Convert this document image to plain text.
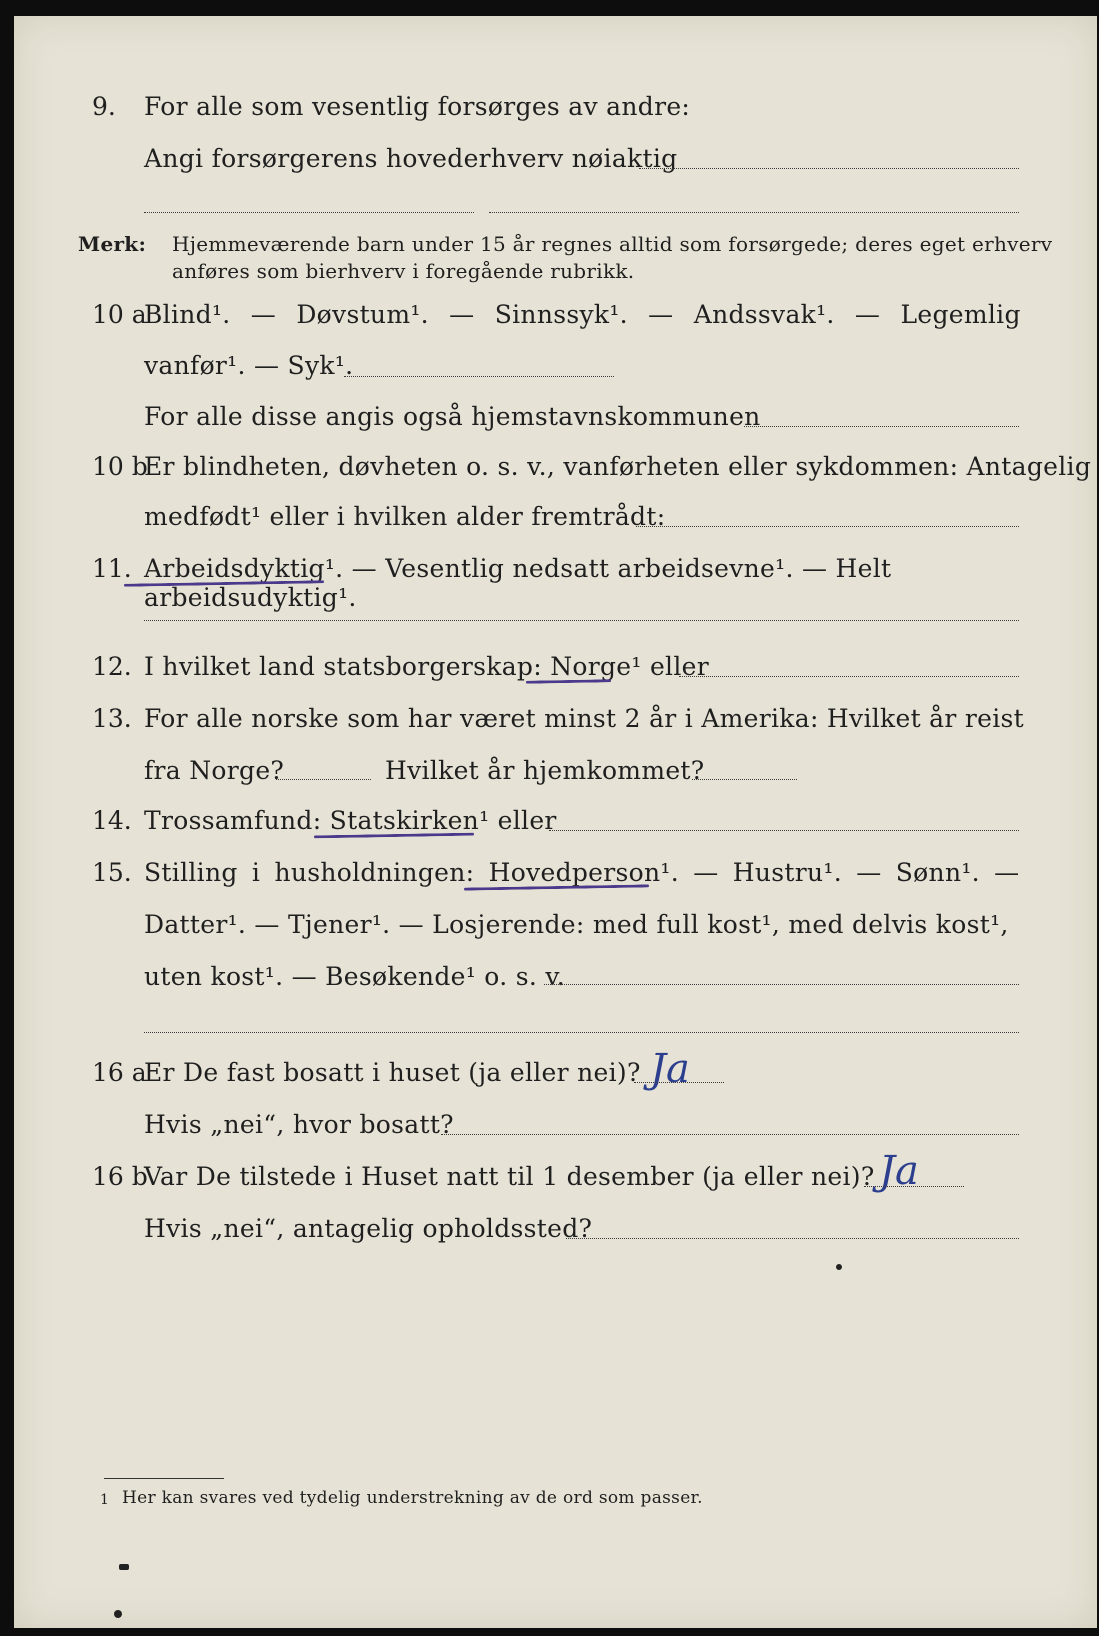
9. For alle som vesentlig forsørges av andre:
Angi forsørgerens hovederhverv nøiaktig
Merk: Hjemmeværende barn under 15 år regnes alltid som forsørgede; deres eget erhverv
anføres som bierhverv i foregående rubrikk.
10 a
Blind¹. — Døvstum¹. — Sinnssyk¹. — Andssvak¹. — Legemlig
vanfør¹. — Syk¹.
For alle disse angis også hjemstavnskommunen
10 b
Er blindheten, døvheten o. s. v., vanførheten eller sykdommen: Antagelig
medfødt¹ eller i hvilken alder fremtrådt:
11. Arbeidsdyktig¹. — Vesentlig nedsatt arbeidsevne¹. — Helt arbeidsudyktig¹.
12. I hvilket land statsborgerskap: Norge¹ eller
13. For alle norske som har været minst 2 år i Amerika: Hvilket år reist
fra Norge?	Hvilket år hjemkommet?
14. Trossamfund: Statskirken¹ eller
15. Stilling i husholdningen: Hovedperson¹. — Hustru¹. — Sønn¹. —
Datter¹. — Tjener¹. — Losjerende: med full kost¹, med delvis kost¹,
uten kost¹. — Besøkende¹ o. s. v.
16 a
Er De fast bosatt i huset (ja eller nei)? Ja
Hvis „nei“, hvor bosatt?
16 b
Var De tilstede i Huset natt til 1 desember (ja eller nei)? Ja
Hvis „nei“, antagelig opholdssted?
1 Her kan svares ved tydelig understrekning av de ord som passer.
